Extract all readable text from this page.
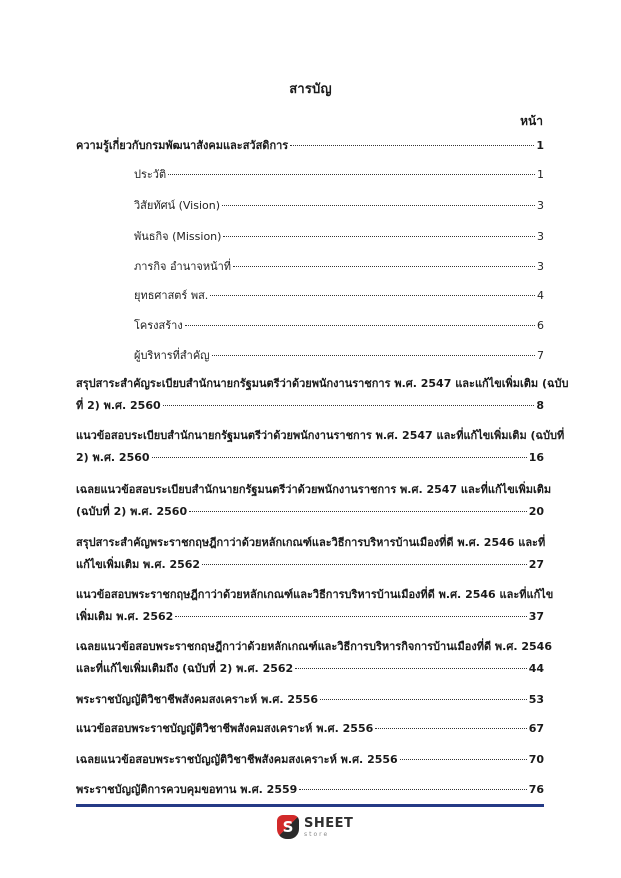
สารบัญ
หน้า
ความรู้เกี่ยวกับกรมพัฒนาสังคมและสวัสดิการ	1
ประวัติ	1
วิสัยทัศน์ (Vision)	3
พันธกิจ (Mission)	3
ภารกิจ อำนาจหน้าที่	3
ยุทธศาสตร์ พส.	4
โครงสร้าง	6
ผู้บริหารที่สำคัญ	7
สรุปสาระสำคัญระเบียบสำนักนายกรัฐมนตรีว่าด้วยพนักงานราชการ พ.ศ. 2547 และแก้ไขเพิ่มเติม (ฉบับ
ที่ 2) พ.ศ. 2560	8
แนวข้อสอบระเบียบสำนักนายกรัฐมนตรีว่าด้วยพนักงานราชการ พ.ศ. 2547 และที่แก้ไขเพิ่มเติม (ฉบับที่
2) พ.ศ. 2560	16
เฉลยแนวข้อสอบระเบียบสำนักนายกรัฐมนตรีว่าด้วยพนักงานราชการ พ.ศ. 2547 และที่แก้ไขเพิ่มเติม
(ฉบับที่ 2) พ.ศ. 2560	20
สรุปสาระสำคัญพระราชกฤษฎีกาว่าด้วยหลักเกณฑ์และวิธีการบริหารบ้านเมืองที่ดี พ.ศ. 2546 และที่
แก้ไขเพิ่มเติม พ.ศ. 2562	27
แนวข้อสอบพระราชกฤษฎีกาว่าด้วยหลักเกณฑ์และวิธีการบริหารบ้านเมืองที่ดี พ.ศ. 2546 และที่แก้ไข
เพิ่มเติม พ.ศ. 2562	37
เฉลยแนวข้อสอบพระราชกฤษฎีกาว่าด้วยหลักเกณฑ์และวิธีการบริหารกิจการบ้านเมืองที่ดี พ.ศ. 2546
และที่แก้ไขเพิ่มเติมถึง (ฉบับที่ 2) พ.ศ. 2562	44
พระราชบัญญัติวิชาชีพสังคมสงเคราะห์ พ.ศ. 2556	53
แนวข้อสอบพระราชบัญญัติวิชาชีพสังคมสงเคราะห์ พ.ศ. 2556	67
เฉลยแนวข้อสอบพระราชบัญญัติวิชาชีพสังคมสงเคราะห์ พ.ศ. 2556	70
พระราชบัญญัติการควบคุมขอทาน พ.ศ. 2559	76
S SHEET
store
